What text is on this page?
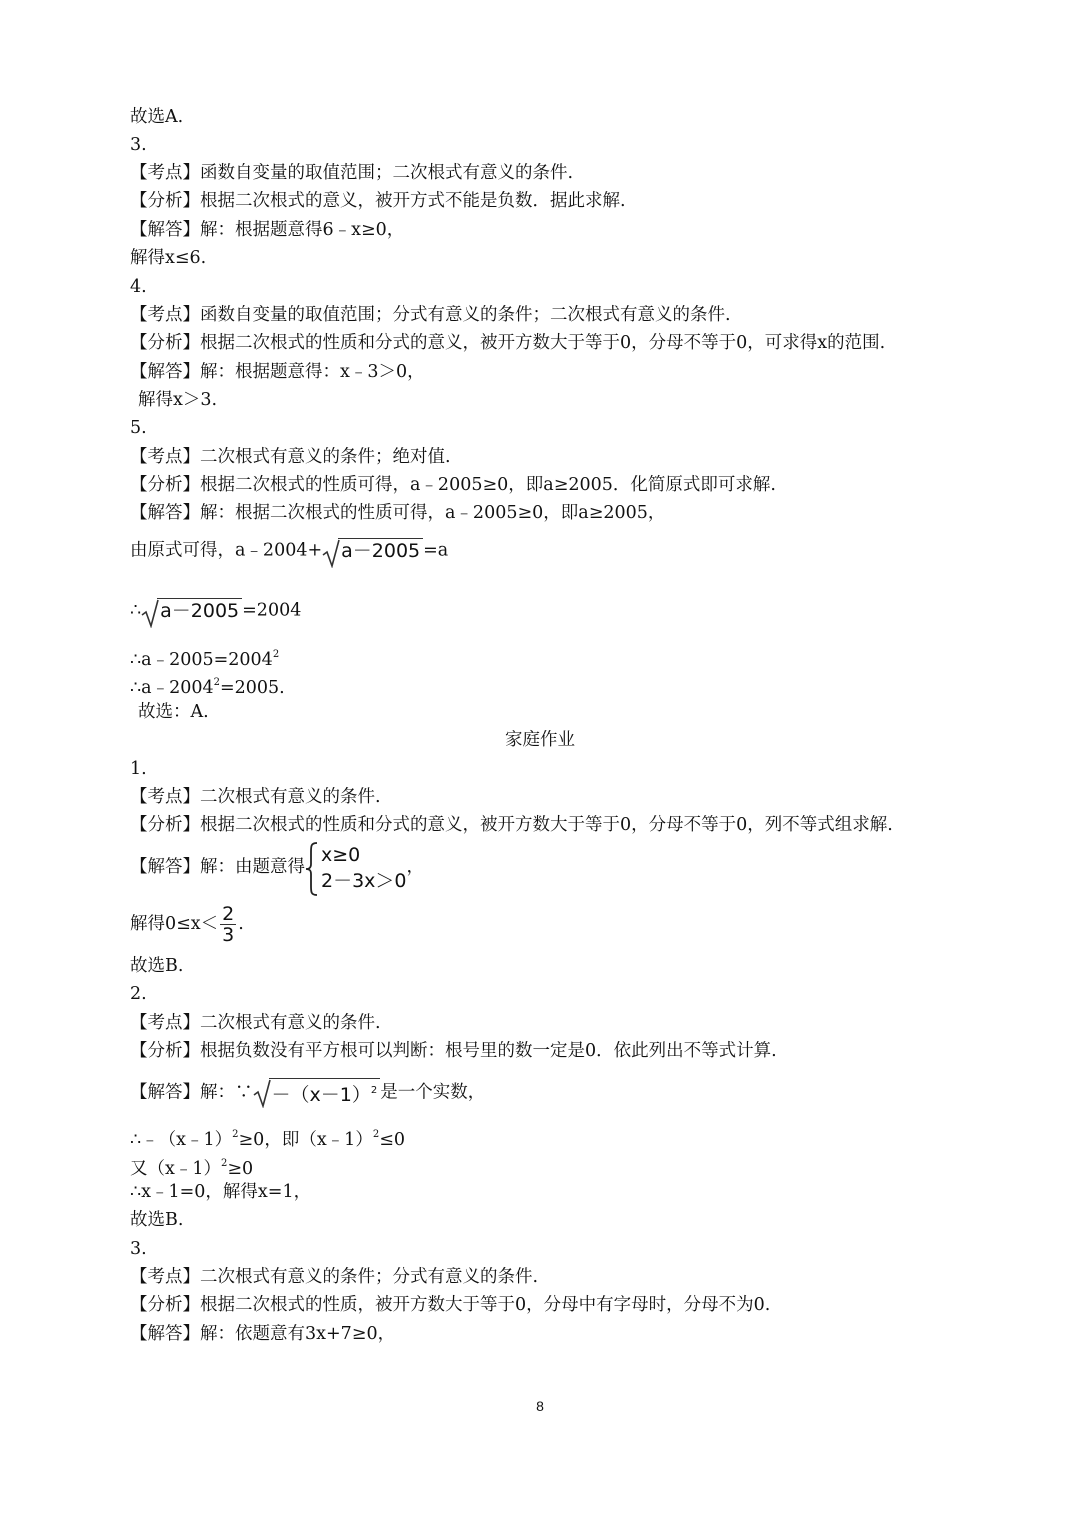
故选A.
3.
【考点】函数自变量的取值范围；二次根式有意义的条件.
【分析】根据二次根式的意义，被开方式不能是负数．据此求解.
【解答】解：根据题意得6﹣x≥0，
解得x≤6.
4.
【考点】函数自变量的取值范围；分式有意义的条件；二次根式有意义的条件.
【分析】根据二次根式的性质和分式的意义，被开方数大于等于0，分母不等于0，可求得x的范围.
【解答】解：根据题意得：x﹣3＞0，
解得x＞3.
5.
【考点】二次根式有意义的条件；绝对值.
【分析】根据二次根式的性质可得，a﹣2005≥0，即a≥2005．化简原式即可求解.
【解答】解：根据二次根式的性质可得，a﹣2005≥0，即a≥2005，
由原式可得，a﹣2004+ a－2005 =a
∴ a－2005 =2004
$\therefore a﹣2005=2004^2$
$\therefore a﹣2004^2=2005$.
故选：A.
家庭作业
1.
【考点】二次根式有意义的条件.
【分析】根据二次根式的性质和分式的意义，被开方数大于等于0，分母不等于0，列不等式组求解.
【解答】解：由题意得
x≥0
2－3x＞0
，
解得$0\le x< \frac{2}{3}$ .
故选B.
2.
【考点】二次根式有意义的条件.
【分析】根据负数没有平方根可以判断：根号里的数一定是0．依此列出不等式计算.
【解答】解：∵ $-(x-1)^2$ 是一个实数，
∴﹣（x﹣1）$^2$≥0，即（x﹣1）$^2$≤0
又（x﹣1）$^2$≥0
∴x﹣1=0，解得x=1，
故选B.
3.
【考点】二次根式有意义的条件；分式有意义的条件.
【分析】根据二次根式的性质，被开方数大于等于0，分母中有字母时，分母不为0.
【解答】解：依题意有3x+7≥0，
8
